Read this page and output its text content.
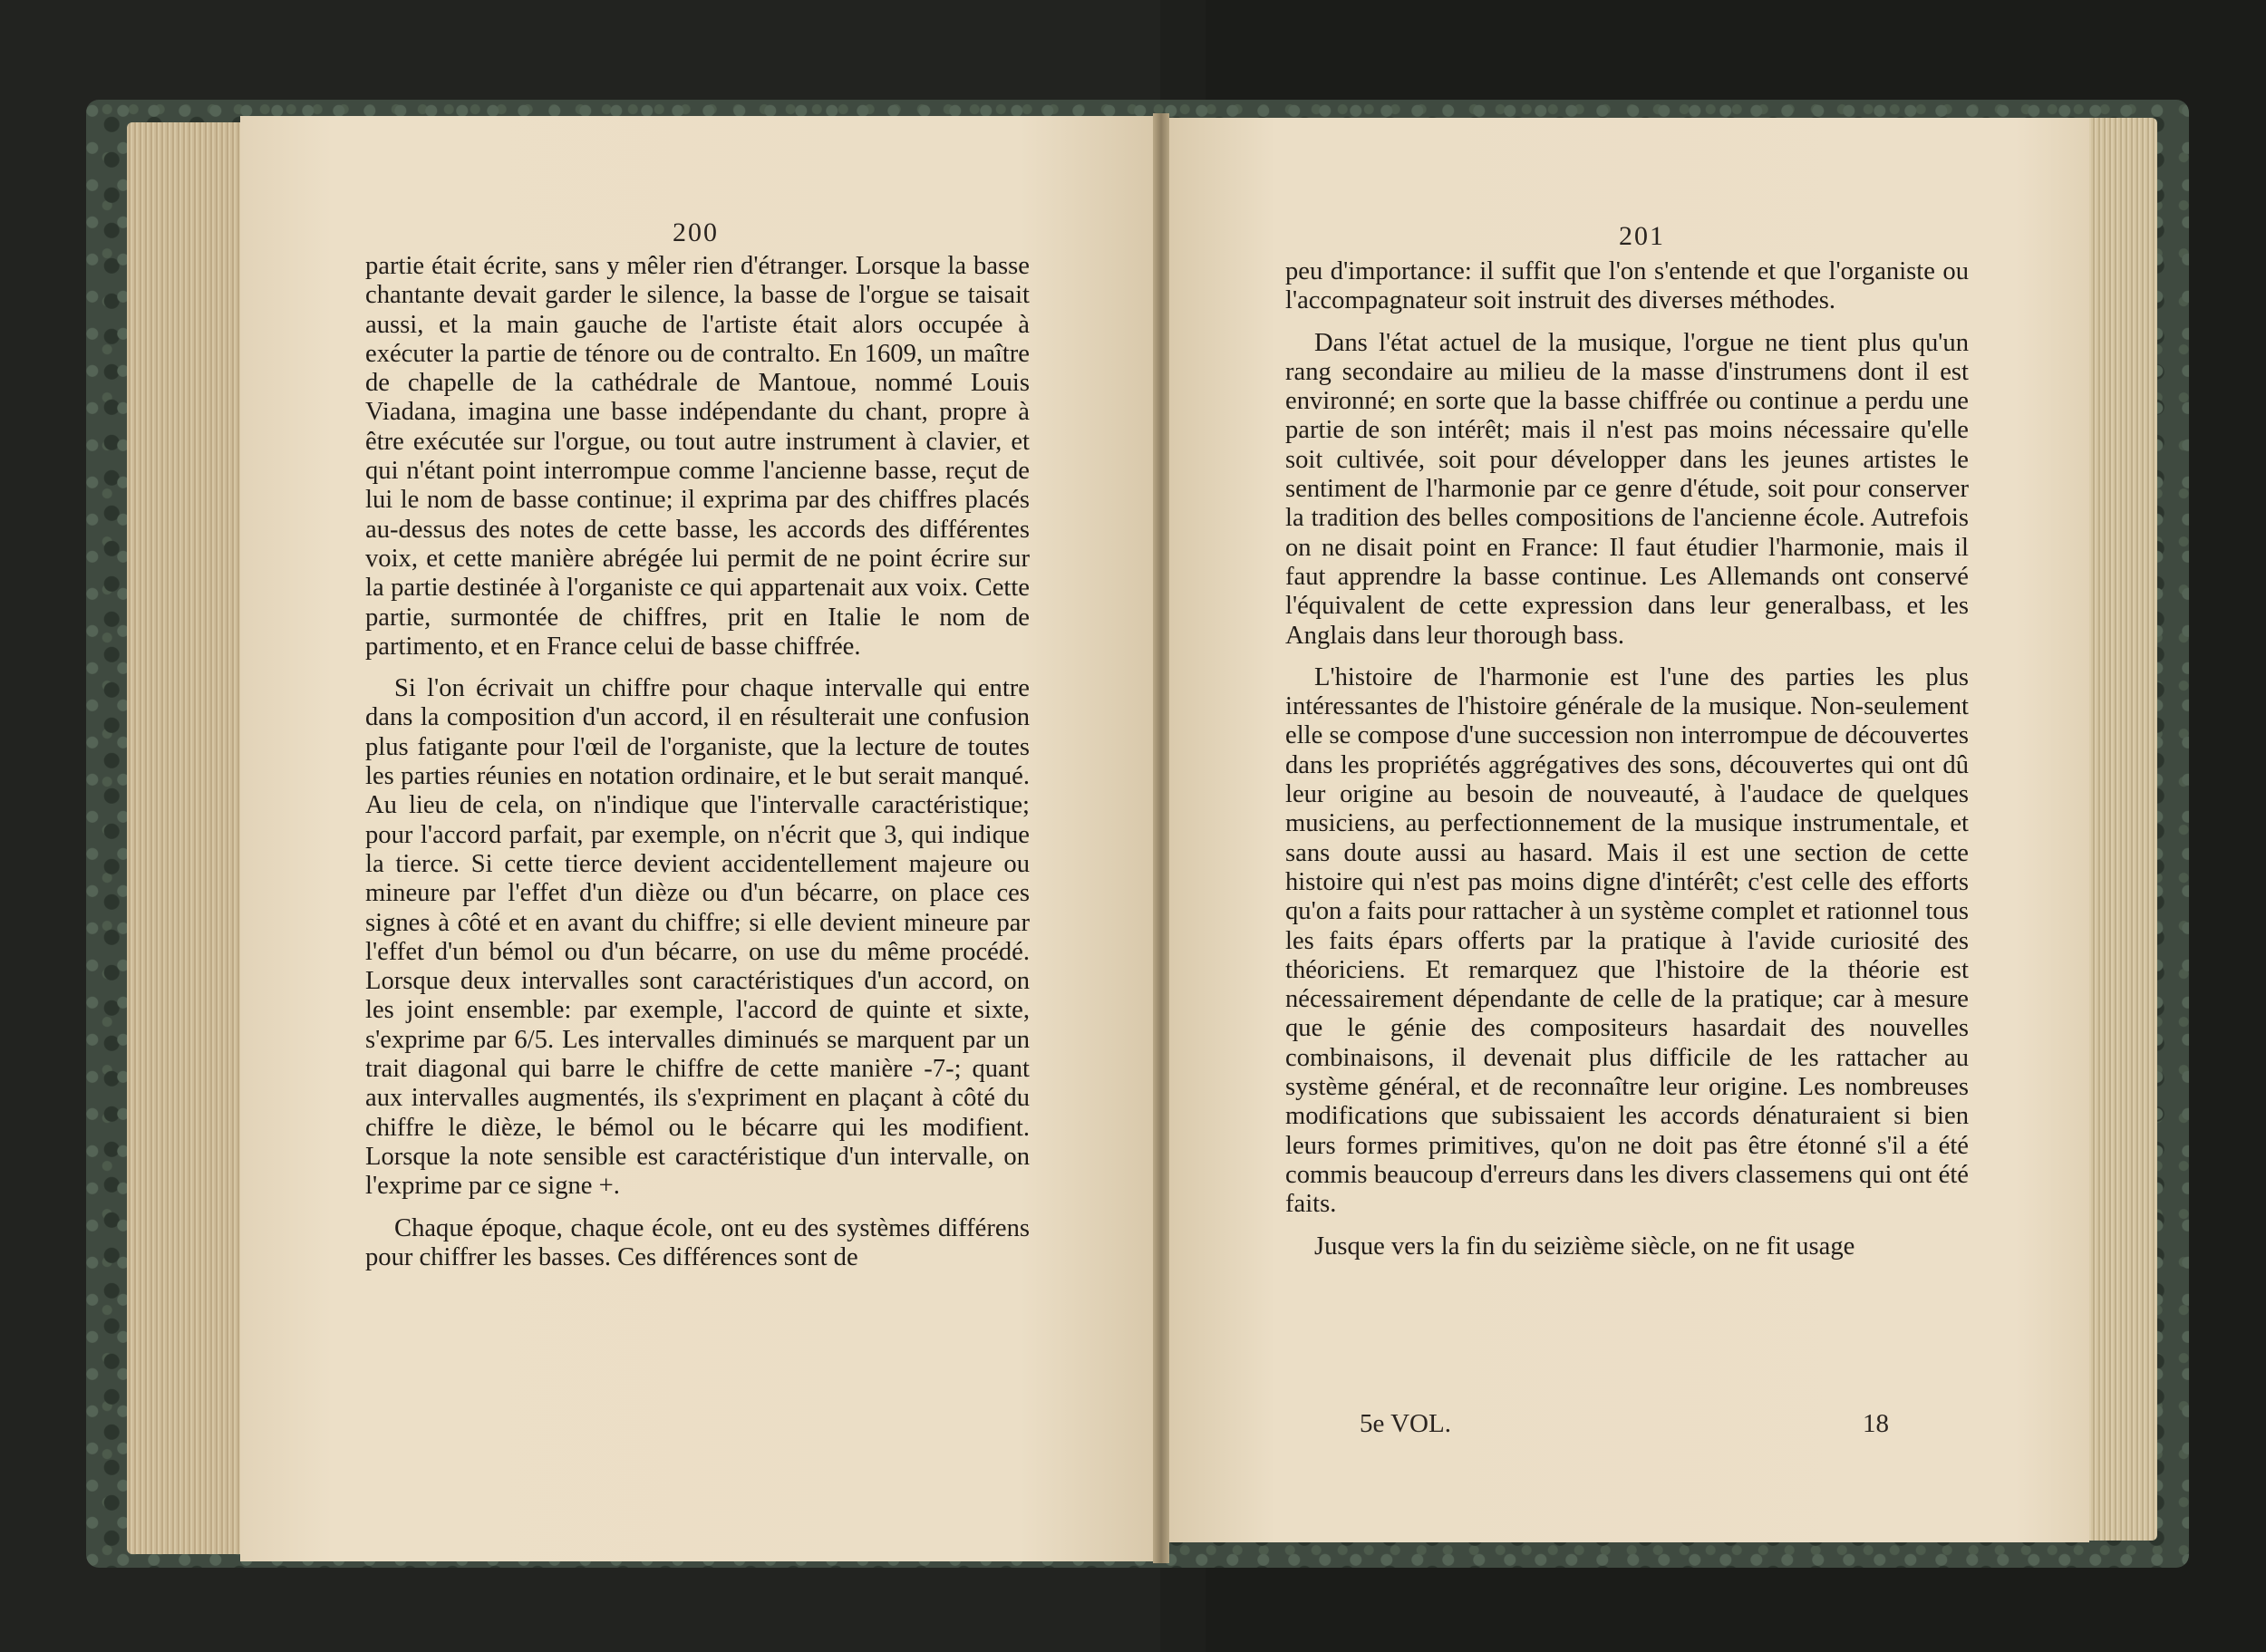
200

partie était écrite, sans y mêler rien d'étranger. Lorsque la basse chantante devait garder le silence, la basse de l'orgue se taisait aussi, et la main gauche de l'artiste était alors occupée à exécuter la partie de ténore ou de contralto. En 1609, un maître de chapelle de la cathédrale de Mantoue, nommé Louis Viadana, imagina une basse indépendante du chant, propre à être exécutée sur l'orgue, ou tout autre instrument à clavier, et qui n'étant point interrompue comme l'ancienne basse, reçut de lui le nom de basse continue; il exprima par des chiffres placés au-dessus des notes de cette basse, les accords des différentes voix, et cette manière abrégée lui permit de ne point écrire sur la partie destinée à l'organiste ce qui appartenait aux voix. Cette partie, surmontée de chiffres, prit en Italie le nom de partimento, et en France celui de basse chiffrée.

Si l'on écrivait un chiffre pour chaque intervalle qui entre dans la composition d'un accord, il en résulterait une confusion plus fatigante pour l'œil de l'organiste, que la lecture de toutes les parties réunies en notation ordinaire, et le but serait manqué. Au lieu de cela, on n'indique que l'intervalle caractéristique; pour l'accord parfait, par exemple, on n'écrit que 3, qui indique la tierce. Si cette tierce devient accidentellement majeure ou mineure par l'effet d'un dièze ou d'un bécarre, on place ces signes à côté et en avant du chiffre; si elle devient mineure par l'effet d'un bémol ou d'un bécarre, on use du même procédé. Lorsque deux intervalles sont caractéristiques d'un accord, on les joint ensemble: par exemple, l'accord de quinte et sixte, s'exprime par 6/5. Les intervalles diminués se marquent par un trait diagonal qui barre le chiffre de cette manière -7-; quant aux intervalles augmentés, ils s'expriment en plaçant à côté du chiffre le dièze, le bémol ou le bécarre qui les modifient. Lorsque la note sensible est caractéristique d'un intervalle, on l'exprime par ce signe +.

Chaque époque, chaque école, ont eu des systèmes différens pour chiffrer les basses. Ces différences sont de

201

peu d'importance: il suffit que l'on s'entende et que l'organiste ou l'accompagnateur soit instruit des diverses méthodes.

Dans l'état actuel de la musique, l'orgue ne tient plus qu'un rang secondaire au milieu de la masse d'instrumens dont il est environné; en sorte que la basse chiffrée ou continue a perdu une partie de son intérêt; mais il n'est pas moins nécessaire qu'elle soit cultivée, soit pour développer dans les jeunes artistes le sentiment de l'harmonie par ce genre d'étude, soit pour conserver la tradition des belles compositions de l'ancienne école. Autrefois on ne disait point en France: Il faut étudier l'harmonie, mais il faut apprendre la basse continue. Les Allemands ont conservé l'équivalent de cette expression dans leur generalbass, et les Anglais dans leur thorough bass.

L'histoire de l'harmonie est l'une des parties les plus intéressantes de l'histoire générale de la musique. Non-seulement elle se compose d'une succession non interrompue de découvertes dans les propriétés aggrégatives des sons, découvertes qui ont dû leur origine au besoin de nouveauté, à l'audace de quelques musiciens, au perfectionnement de la musique instrumentale, et sans doute aussi au hasard. Mais il est une section de cette histoire qui n'est pas moins digne d'intérêt; c'est celle des efforts qu'on a faits pour rattacher à un système complet et rationnel tous les faits épars offerts par la pratique à l'avide curiosité des théoriciens. Et remarquez que l'histoire de la théorie est nécessairement dépendante de celle de la pratique; car à mesure que le génie des compositeurs hasardait des nouvelles combinaisons, il devenait plus difficile de les rattacher au système général, et de reconnaître leur origine. Les nombreuses modifications que subissaient les accords dénaturaient si bien leurs formes primitives, qu'on ne doit pas être étonné s'il a été commis beaucoup d'erreurs dans les divers classemens qui ont été faits.

Jusque vers la fin du seizième siècle, on ne fit usage

5e VOL.	18
